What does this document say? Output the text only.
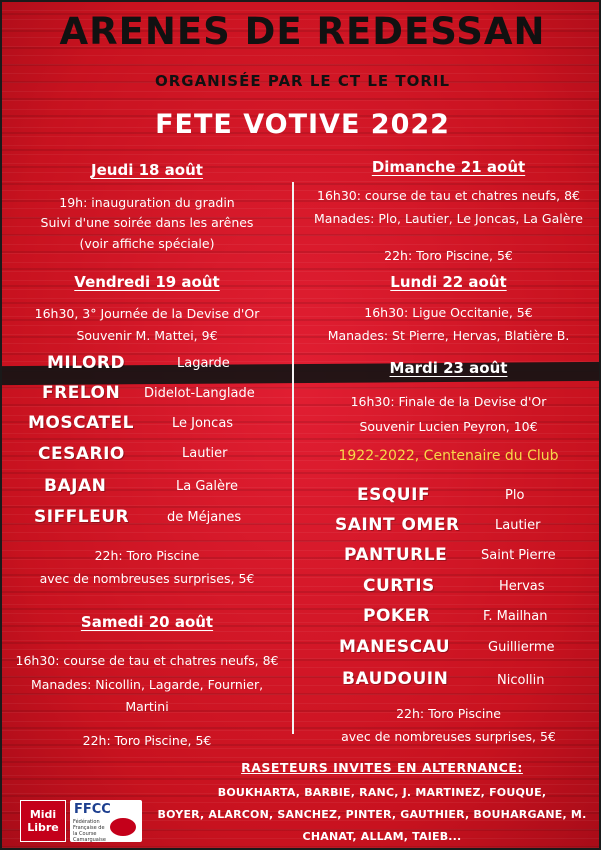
ARENES DE REDESSAN
ORGANISÉE PAR LE CT LE TORIL
FETE VOTIVE 2022
Jeudi 18 août
19h: inauguration du gradin
Suivi d'une soirée dans les arênes
(voir affiche spéciale)
Vendredi 19 août
16h30, 3° Journée de la Devise d'Or
Souvenir M. Mattei, 9€
MILORD	Lagarde
FRELON Didelot-Langlade
MOSCATEL	Le Joncas
CESARIO	Lautier
BAJAN	La Galère
SIFFLEUR	de Méjanes
22h: Toro Piscine
avec de nombreuses surprises, 5€
Samedi 20 août
16h30: course de tau et chatres neufs, 8€
Manades: Nicollin, Lagarde, Fournier,
Martini
22h: Toro Piscine, 5€
Dimanche 21 août
16h30: course de tau et chatres neufs, 8€
Manades: Plo, Lautier, Le Joncas, La Galère
22h: Toro Piscine, 5€
Lundi 22 août
16h30: Ligue Occitanie, 5€
Manades: St Pierre, Hervas, Blatière B.
Mardi 23 août
16h30: Finale de la Devise d'Or
Souvenir Lucien Peyron, 10€
1922-2022, Centenaire du Club
ESQUIF	Plo
SAINT OMER	Lautier
PANTURLE	Saint Pierre
CURTIS	Hervas
POKER	F. Mailhan
MANESCAU	Guillierme
BAUDOUIN	Nicollin
22h: Toro Piscine
avec de nombreuses surprises, 5€
RASETEURS INVITES EN ALTERNANCE:
BOUKHARTA, BARBIE, RANC, J. MARTINEZ, FOUQUE,
BOYER, ALARCON, SANCHEZ, PINTER, GAUTHIER, BOUHARGANE, M.
CHANAT, ALLAM, TAIEB...
Midi
Libre
FFCC
Fédération Française de la Course Camarguaise
